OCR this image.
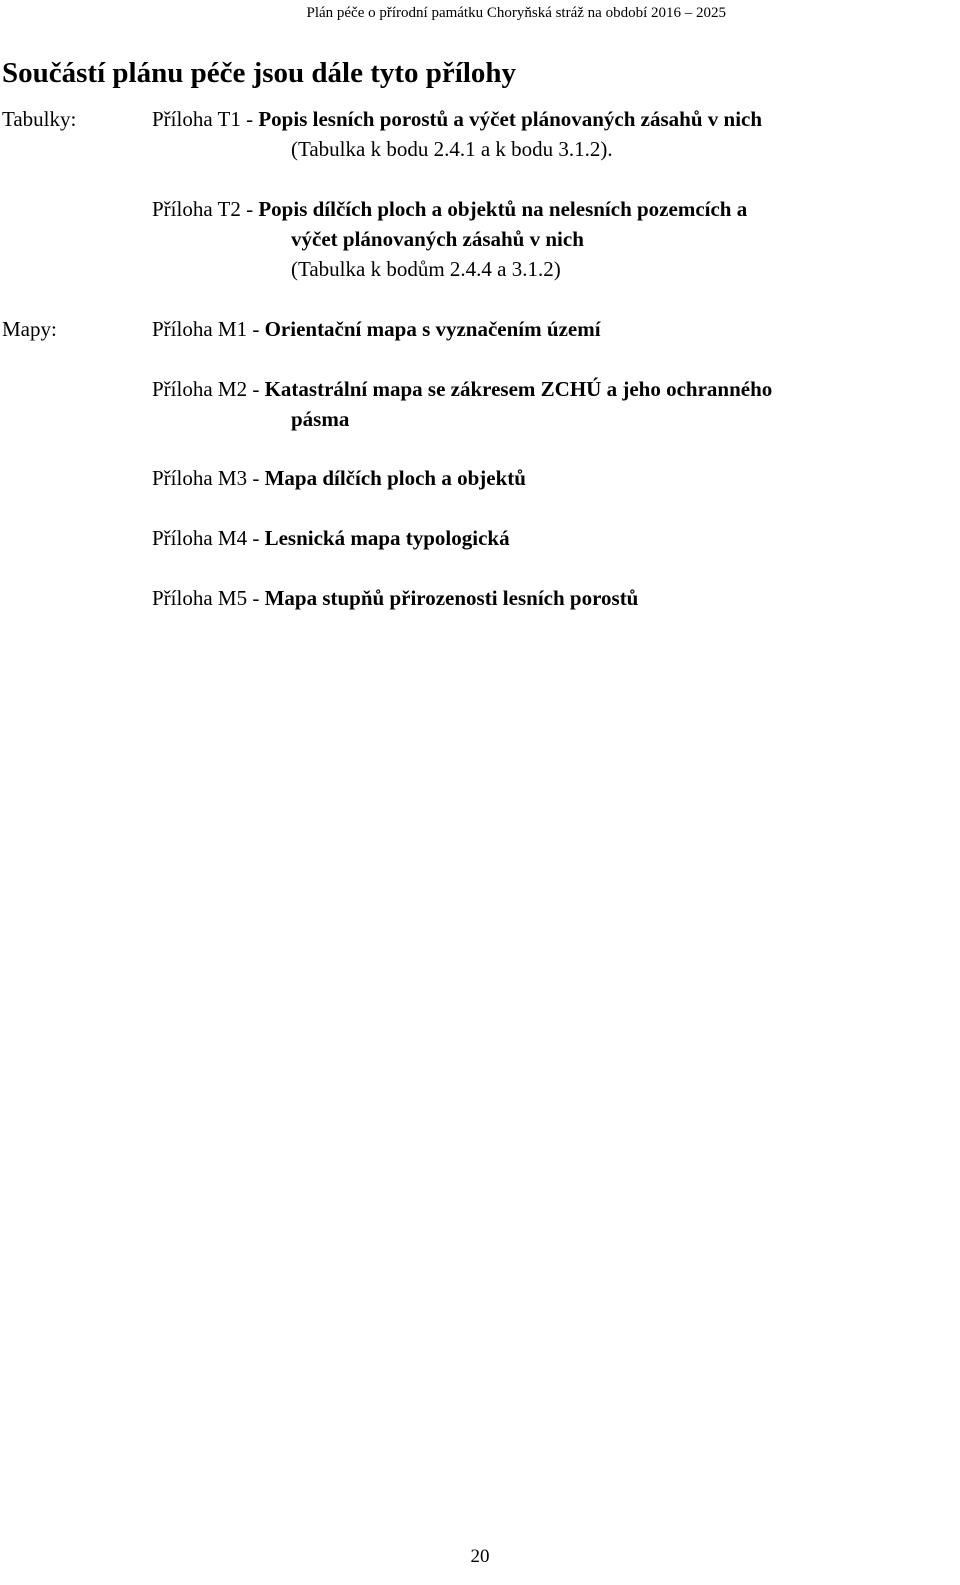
Plán péče o přírodní památku Choryňská stráž na období 2016 – 2025
Součástí plánu péče jsou dále tyto přílohy
Tabulky:	Příloha T1 - Popis lesních porostů a výčet plánovaných zásahů v nich
(Tabulka k bodu 2.4.1 a k bodu 3.1.2).
Příloha T2 - Popis dílčích ploch a objektů na nelesních pozemcích a
výčet plánovaných zásahů v nich
(Tabulka k bodům 2.4.4 a 3.1.2)
Mapy:	Příloha M1 - Orientační mapa s vyznačením území
Příloha M2 - Katastrální mapa se zákresem ZCHÚ a jeho ochranného
pásma
Příloha M3 - Mapa dílčích ploch a objektů
Příloha M4 - Lesnická mapa typologická
Příloha M5 - Mapa stupňů přirozenosti lesních porostů
20
